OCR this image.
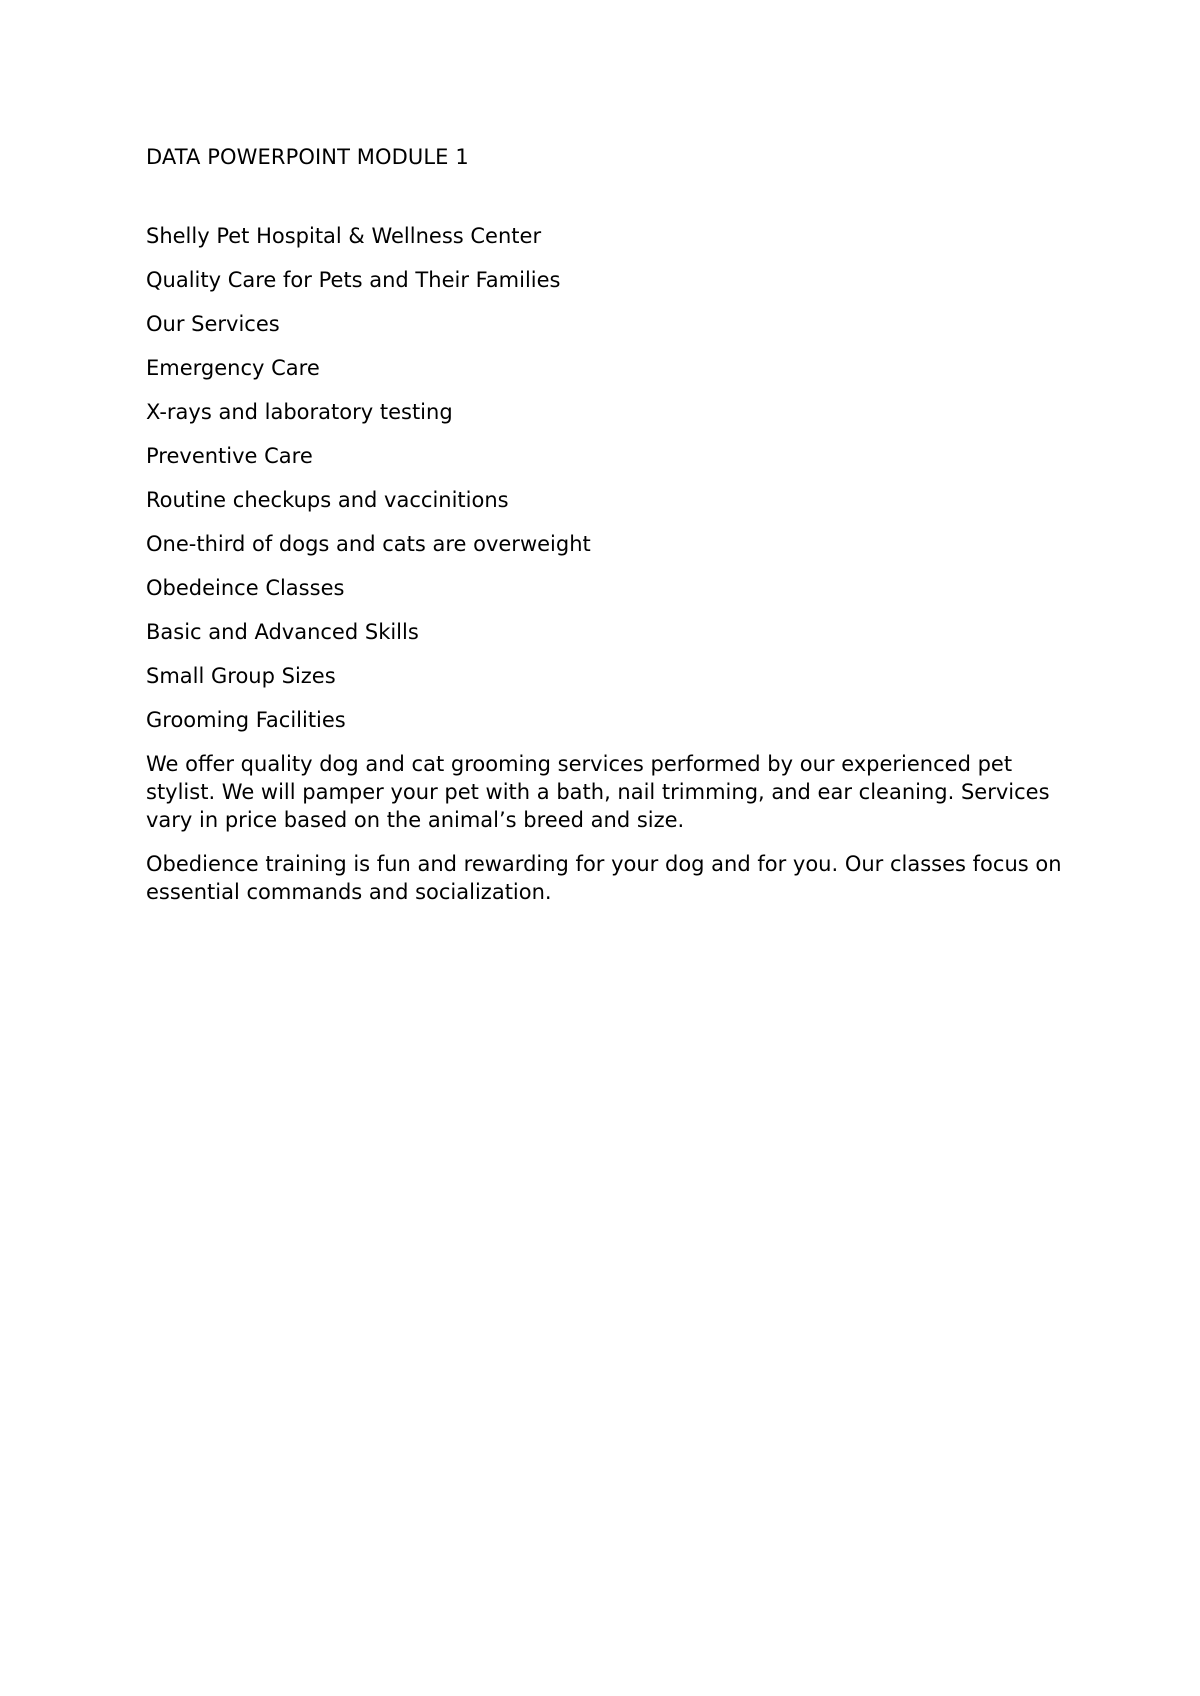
DATA POWERPOINT MODULE 1
Shelly Pet Hospital & Wellness Center
Quality Care for Pets and Their Families
Our Services
Emergency Care
X-rays and laboratory testing
Preventive Care
Routine checkups and vaccinitions
One-third of dogs and cats are overweight
Obedeince Classes
Basic and Advanced Skills
Small Group Sizes
Grooming Facilities
We offer quality dog and cat grooming services performed by our experienced pet stylist. We will pamper your pet with a bath, nail trimming, and ear cleaning. Services vary in price based on the animal’s breed and size.
Obedience training is fun and rewarding for your dog and for you. Our classes focus on essential commands and socialization.
